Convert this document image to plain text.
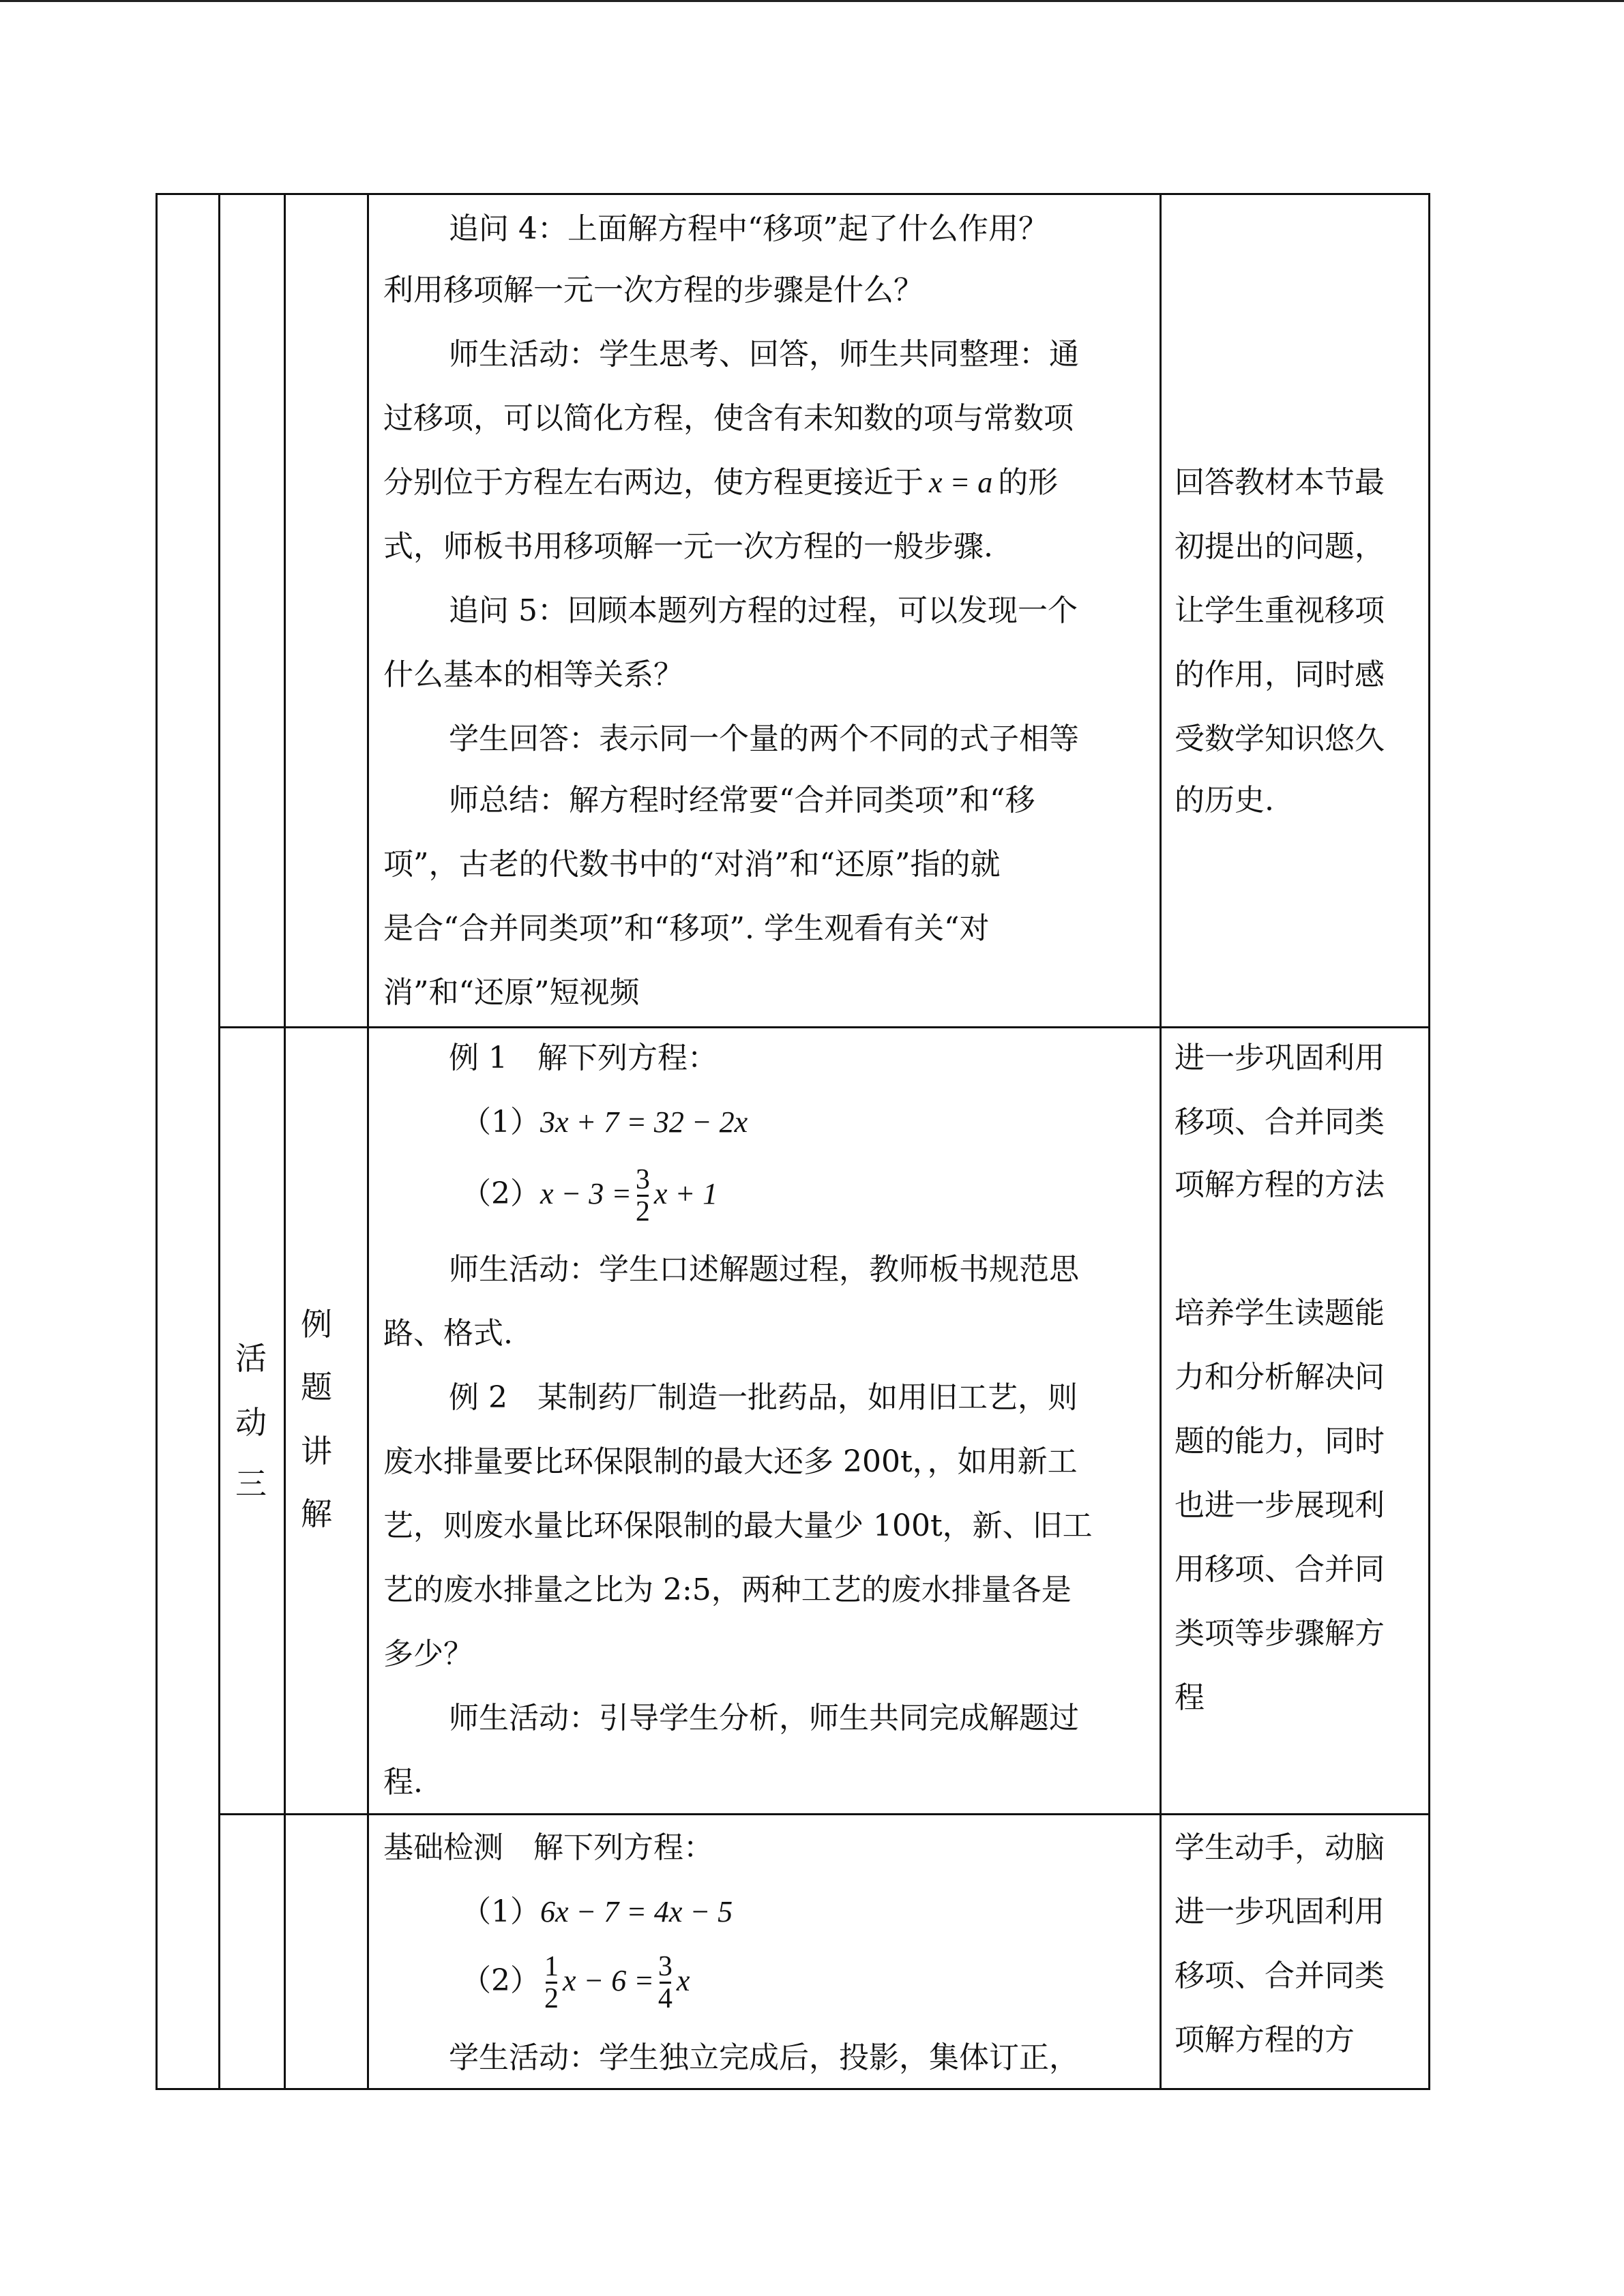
追问 4：上面解方程中“移项”起了什么作用？
利用移项解一元一次方程的步骤是什么？
师生活动：学生思考、回答，师生共同整理：通
过移项，可以简化方程，使含有未知数的项与常数项
分别位于方程左右两边，使方程更接近于 x = a 的形
式，师板书用移项解一元一次方程的一般步骤.
追问 5：回顾本题列方程的过程，可以发现一个
什么基本的相等关系？
学生回答：表示同一个量的两个不同的式子相等
师总结：解方程时经常要“合并同类项”和“移
项”，古老的代数书中的“对消”和“还原”指的就
是合“合并同类项”和“移项”. 学生观看有关“对
消”和“还原”短视频
回答教材本节最
初提出的问题，
让学生重视移项
的作用，同时感
受数学知识悠久
的历史.
活
动
三
例
题
讲
解
例 1　解下列方程：
（1）3x + 7 = 32 − 2x
$(2)x - 3 = \frac{3}{2}$ x + 1
师生活动：学生口述解题过程，教师板书规范思
路、格式.
例 2　某制药厂制造一批药品，如用旧工艺，则
废水排量要比环保限制的最大还多 200t，，如用新工
艺，则废水量比环保限制的最大量少 100t，新、旧工
艺的废水排量之比为 2:5，两种工艺的废水排量各是
多少？
师生活动：引导学生分析，师生共同完成解题过
程.
进一步巩固利用
移项、合并同类
项解方程的方法
培养学生读题能
力和分析解决问
题的能力，同时
也进一步展现利
用移项、合并同
类项等步骤解方
程
基础检测　解下列方程：
（1）6x − 7 = 4x − 5
$(2) \frac{1}{2}$ $x - 6 = \frac{3}{4}$ x
学生活动：学生独立完成后，投影，集体订正，
学生动手，动脑
进一步巩固利用
移项、合并同类
项解方程的方
